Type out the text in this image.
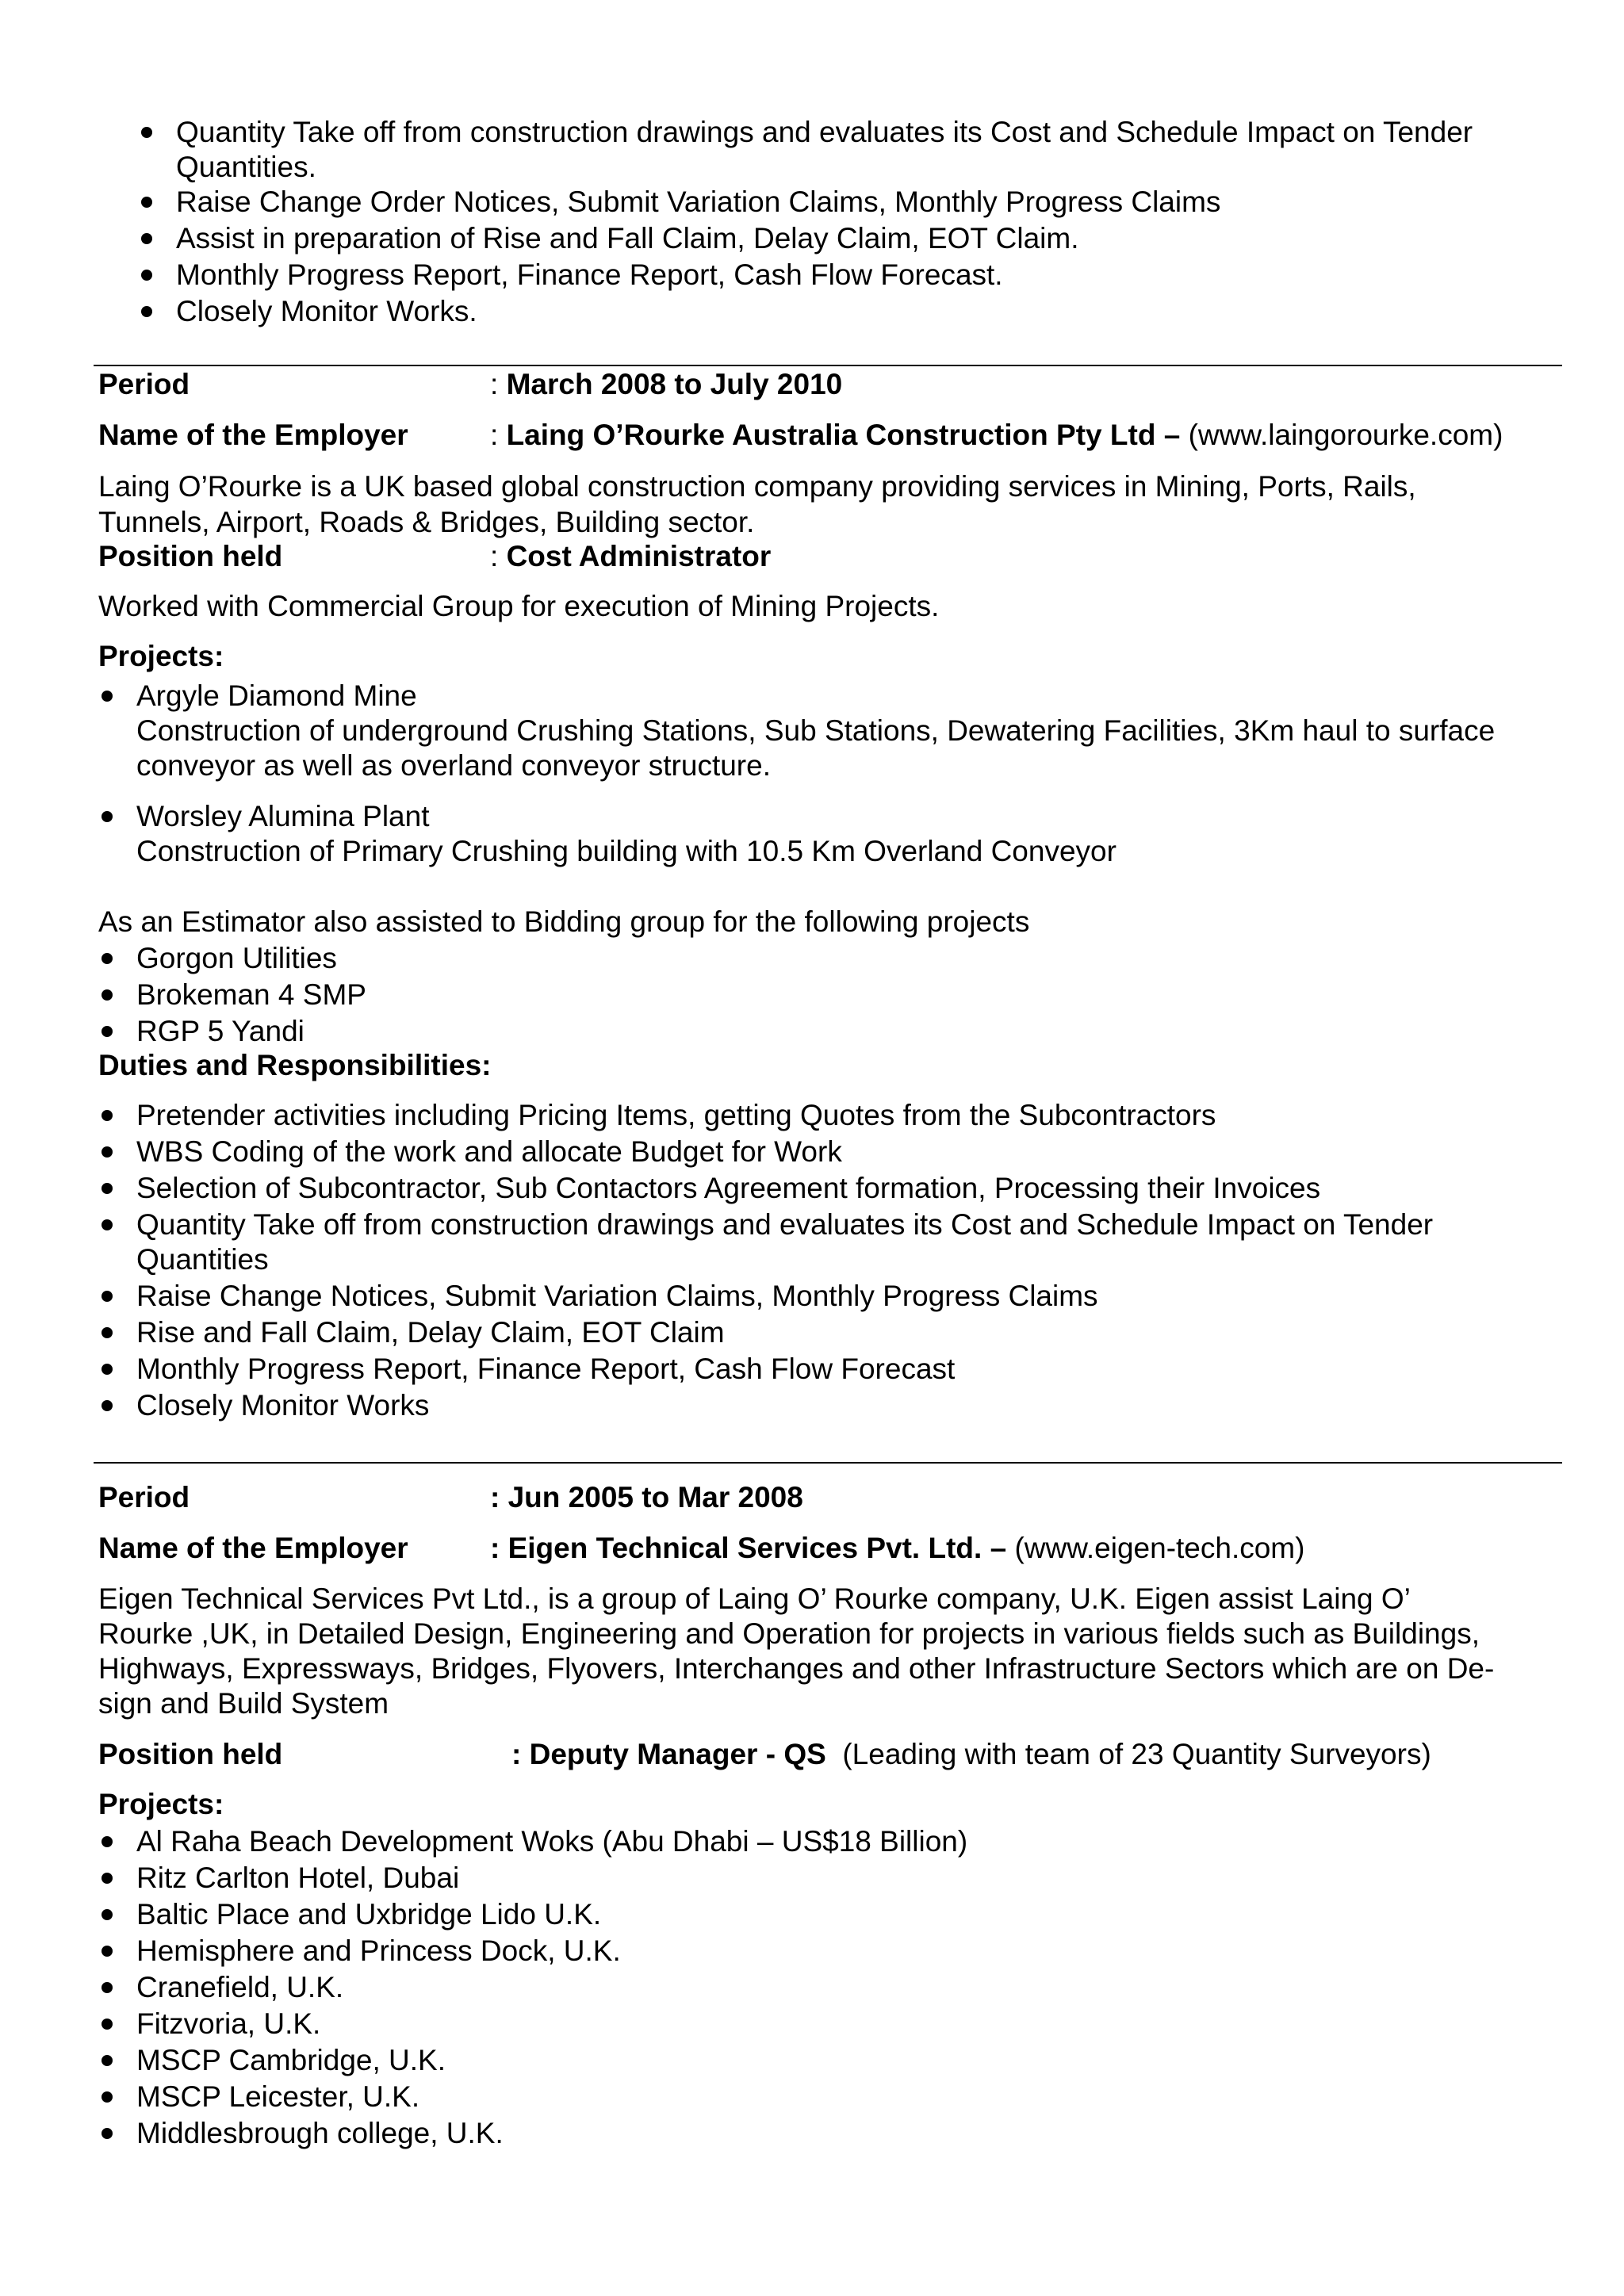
Quantity Take off from construction drawings and evaluates its Cost and Schedule Impact on Tender
Quantities.
Raise Change Order Notices, Submit Variation Claims, Monthly Progress Claims
Assist in preparation of Rise and Fall Claim, Delay Claim, EOT Claim.
Monthly Progress Report, Finance Report, Cash Flow Forecast.
Closely Monitor Works.
Period	: March 2008 to July 2010
Name of the Employer	: Laing O’Rourke Australia Construction Pty Ltd – (www.laingorourke.com)
Laing O’Rourke is a UK based global construction company providing services in Mining, Ports, Rails,
Tunnels, Airport, Roads & Bridges, Building sector.
Position held	: Cost Administrator
Worked with Commercial Group for execution of Mining Projects.
Projects:
Argyle Diamond Mine
Construction of underground Crushing Stations, Sub Stations, Dewatering Facilities, 3Km haul to surface
conveyor as well as overland conveyor structure.
Worsley Alumina Plant
Construction of Primary Crushing building with 10.5 Km Overland Conveyor
As an Estimator also assisted to Bidding group for the following projects
Gorgon Utilities
Brokeman 4 SMP
RGP 5 Yandi
Duties and Responsibilities:
Pretender activities including Pricing Items, getting Quotes from the Subcontractors
WBS Coding of the work and allocate Budget for Work
Selection of Subcontractor, Sub Contactors Agreement formation, Processing their Invoices
Quantity Take off from construction drawings and evaluates its Cost and Schedule Impact on Tender
Quantities
Raise Change Notices, Submit Variation Claims, Monthly Progress Claims
Rise and Fall Claim, Delay Claim, EOT Claim
Monthly Progress Report, Finance Report, Cash Flow Forecast
Closely Monitor Works
Period	: Jun 2005 to Mar 2008
Name of the Employer	: Eigen Technical Services Pvt. Ltd. – (www.eigen-tech.com)
Eigen Technical Services Pvt Ltd., is a group of Laing O’ Rourke company, U.K. Eigen assist Laing O’
Rourke ,UK, in Detailed Design, Engineering and Operation for projects in various fields such as Buildings,
Highways, Expressways, Bridges, Flyovers, Interchanges and other Infrastructure Sectors which are on De-
sign and Build System
Position held	: Deputy Manager - QS (Leading with team of 23 Quantity Surveyors)
Projects:
Al Raha Beach Development Woks (Abu Dhabi – US$18 Billion)
Ritz Carlton Hotel, Dubai
Baltic Place and Uxbridge Lido U.K.
Hemisphere and Princess Dock, U.K.
Cranefield, U.K.
Fitzvoria, U.K.
MSCP Cambridge, U.K.
MSCP Leicester, U.K.
Middlesbrough college, U.K.
